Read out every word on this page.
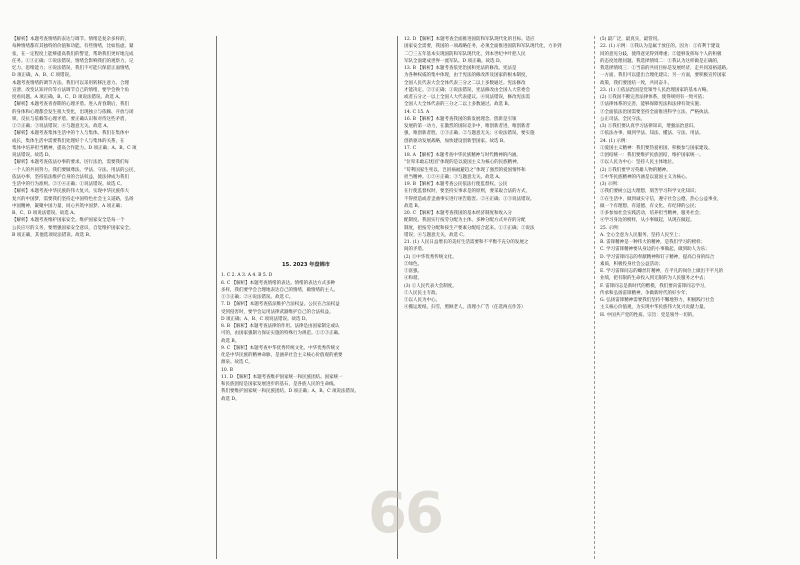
【解析】本题考查情绪的表达与调节。情绪是复杂多样的，
每种情绪都有其独特的价值和功能。有些情绪，比如焦虑、紧
张，在一定程度上能够提高我们的警觉，帮助我们更好地完成
任务。①③正确；②说法错误，情绪会影响我们的观察力、记
忆力、思维能力；④说法错误，我们不可能只保留正面情绪，
D 项正确，A、B、C 项错误。
本题考查情绪的调节方法。我们可以采用转移注意力、合理
宣泄、改变认知评价等方法调节自己的情绪，要学会换个角
度看问题。A 项正确，B、C、D 项说法错误。故选 A。
【解析】本题考查青春期的心理矛盾。进入青春期后，我们
的身体和心理都会发生很大变化，出现独立与依赖、开放与闭
锁、反抗与依赖等心理矛盾。要正确认识和对待这些矛盾，
①②正确；③说法错误；④与题意无关。故选 A。
【解析】本题考查集体生活中的个人与集体。我们在集体中
成长，集体生活中需要我们处理好个人与集体的关系，在
集体中培养担当精神，提高合作能力。D 项正确；A、B、C 项
说法错误。故选 D。
【解析】本题考查依法办事的要求。厉行法治，需要我们每
一个人的共同努力。我们要做尊法、学法、守法、用法的公民，
依法办事，坚持依法维护自身的合法权益，使法律成为我们
生活中的行为准则。②③④正确；①说法错误。故选 C。
【解析】本题考查中华民族的伟大复兴。实现中华民族伟大
复兴的中国梦，需要我们坚持走中国特色社会主义道路，弘扬
中国精神，凝聚中国力量，同心共筑中国梦。A 项正确；
B、C、D 项说法错误。故选 A。
【解析】本题考查维护国家安全。维护国家安全是每一个
公民应尽的义务，要增强国家安全意识，自觉维护国家安全。
B 项正确，其他选项说法错误。故选 B。
15. 2023 年盘锦市
1. C 2. A 3. A 4. B 5. D
6. C 【解析】本题考查情绪的表达。情绪的表达方式多种
多样，我们要学会合理地表达自己的情绪，做情绪的主人。
①③正确；②④说法错误。故选 C。
7. D 【解析】本题考查依法维护合法权益。公民在合法权益
受到侵害时，要学会运用法律武器维护自己的合法权益。
D 项正确；A、B、C 项说法错误。故选 D。
8. B 【解析】本题考查法律的作用。法律是由国家制定或认
可的，由国家强制力保证实施的特殊行为规范。①②③正确。
故选 B。
9. C 【解析】本题考查中华优秀传统文化。中华优秀传统文
化是中华民族的精神命脉，是涵养社会主义核心价值观的重要
源泉。故选 C。
10. B
11. D 【解析】本题考查维护国家统一和民族团结。国家统一
和民族团结是国家发展进步的基石，是各族人民的生命线。
我们要维护国家统一和民族团结。D 项正确；A、B、C 项说法错误。
故选 D。
12. D 【解析】本题考查全面推进国防和军队现代化的目标。适应
国家安全需要，我国的一项战略任务，必须全面推进国防和军队现代化，力争到
二〇三五年基本实现国防和军队现代化，到本世纪中叶把人民
军队全面建成世界一流军队。D 项正确。故选 D。
13. B 【解析】本题考查依宪治国和宪法的修改。宪法是
为各种权威的集中体现，由于宪法的修改涉及国家的根本制度，
全国人民代表大会全体代表三分之二以上多数通过。宪法修改
才能决定。②③正确；①说法错误，宪法修改由全国人大常委会
或者五分之一以上全国人大代表提议。④说法错误，修改宪法需
全国人大全体代表的三分之二以上多数通过。故选 B。
14. C 15. A
16. B 【解析】本题考查我国的新发展理念。创新是引领
发展的第一动力，在激烈的国际竞争中，唯创新者进，唯创新者
强，唯创新者胜。①③正确；②与题意无关；④说法错误。要实施
创新驱动发展战略，加快建设创新型国家。故选 B。
17. C
18. A 【解析】本题考查中华民族精神与时代精神的内涵。
“位卑未敢忘忧国”体现的是以爱国主义为核心的民族精神，
“苟利国家生死以，岂因祸福避趋之”体现了强烈的爱国情怀和
担当精神。①②④正确；③与题意无关。故选 A。
19. B 【解析】本题考查公民依法行使监督权。公民
在行使监督权时，要坚持实事求是的原则，要采取合法的方式，
不得捏造或者歪曲事实进行诬告陷害。②④正确；①③说法错误。
故选 B。
20. C 【解析】本题考查我国的基本经济制度和收入分
配制度。我国实行按劳分配为主体、多种分配方式并存的分配
制度，把按劳分配和按生产要素分配结合起来。①③正确；②说法
错误；④与题意无关。故选 C。
21. (1) 人民日益增长的美好生活需要和不平衡不充分的发展之
间的矛盾。
(2) ①中华优秀传统文化。
②绿色。
③富强。
④和谐。
(3) ①人民代表大会制度。
②人民民主专政。
③以人民为中心。
④搬运废纸，扫雪，照顾老人，清理小广告（任选两点作答）
(5) 最广泛，最真实，最管用。
22. (1) 示例：①我认为是属于放任的。因为：①有利于建设
同的意见分歧，使得意见得到尊重；②能够发挥每个人的积极
的态度处理问题。我选择情境二：①我认为这样做是正确的，
我选择情境三：①当前的共同目标是发展经济，走共同富裕道路。
一方面，我们可以提出合理化建议；另一方面，要积极宣传国家
政策，我们要团结一致，共同奋斗。
23. (1) ①依法治国是党领导人民治理国家的基本方略。
(2) ①我国不断完善法律体系，使得规则有一致可依；
③法律体系的完善，能够保障宪法和法律有效实施；
③全面依法治国需要坚持全面推进科学立法、严格执法、
公正司法、全民守法。
(3) ①我们要认真学习法律知识，增强法治意识。
②依法办事，做到学法、知法、懂法、守法、用法。
24. (1) 示例：
①爱国主义精神：我们要热爱祖国，积极参与国家建设。
②团结统一：我们要维护民族团结，维护国家统一。
③以人民为中心：坚持人民主体地位。
(2) ①我们要学习英雄人物的精神。
②中华民族精神的内涵是以爱国主义为核心。
(3) 示例：
①我们要树立远大理想，刻苦学习科学文化知识；
②在生活中，做到诚实守信，遵守社会公德，热心公益事业，
做一个有理想、有道德、有文化、有纪律的公民；
③多参加社会实践活动，培养担当精神，服务社会；
④学习身边的榜样，从小事做起，从现在做起。
25. 示例：
A. 全心全意为人民服务，坚持人民至上；
B. 雷锋精神是一种伟大的精神，是我们学习的榜样；
C. 学习雷锋精神要从身边的小事做起，做到助人为乐；
D. 学习雷锋同志的奉献精神和钉子精神，提高自身的综合
素质，积极投身社会公益活动；
E. 学习雷锋同志的螺丝钉精神，在平凡的岗位上做出不平凡的
业绩，把有限的生命投入到无限的为人民服务之中去；
F. 雷锋同志是新时代的楷模，我们要向雷锋同志学习，
传承和弘扬雷锋精神，争做新时代的好少年；
G. 弘扬雷锋精神需要我们坚持不懈地努力，积极践行社会
主义核心价值观，为实现中华民族伟大复兴贡献力量。
H. 中国共产党的性质、宗旨：党是领导一切的。
66
